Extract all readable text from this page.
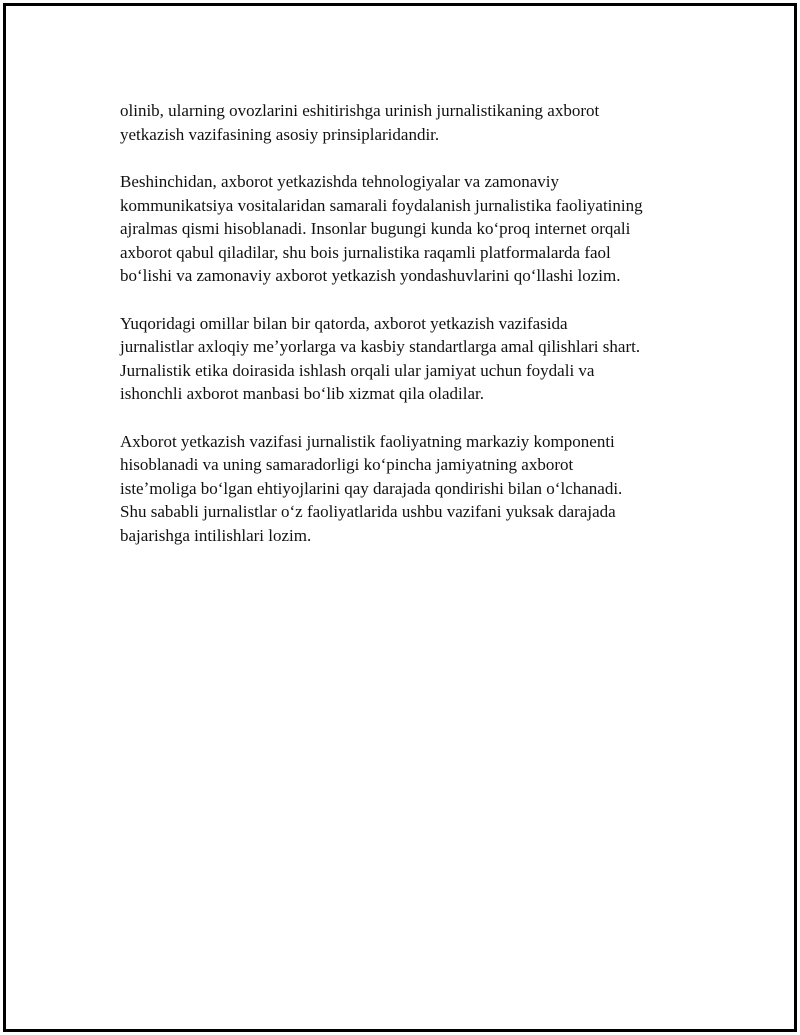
olinib, ularning ovozlarini eshitirishga urinish jurnalistikaning axborot
yetkazish vazifasining asosiy prinsiplaridandir.

Beshinchidan, axborot yetkazishda tehnologiyalar va zamonaviy
kommunikatsiya vositalaridan samarali foydalanish jurnalistika faoliyatining
ajralmas qismi hisoblanadi. Insonlar bugungi kunda koʻproq internet orqali
axborot qabul qiladilar, shu bois jurnalistika raqamli platformalarda faol
boʻlishi va zamonaviy axborot yetkazish yondashuvlarini qoʻllashi lozim.

Yuqoridagi omillar bilan bir qatorda, axborot yetkazish vazifasida
jurnalistlar axloqiy meʼyorlarga va kasbiy standartlarga amal qilishlari shart.
Jurnalistik etika doirasida ishlash orqali ular jamiyat uchun foydali va
ishonchli axborot manbasi boʻlib xizmat qila oladilar.

Axborot yetkazish vazifasi jurnalistik faoliyatning markaziy komponenti
hisoblanadi va uning samaradorligi koʻpincha jamiyatning axborot
isteʼmoliga boʻlgan ehtiyojlarini qay darajada qondirishi bilan oʻlchanadi.
Shu sababli jurnalistlar oʻz faoliyatlarida ushbu vazifani yuksak darajada
bajarishga intilishlari lozim.
